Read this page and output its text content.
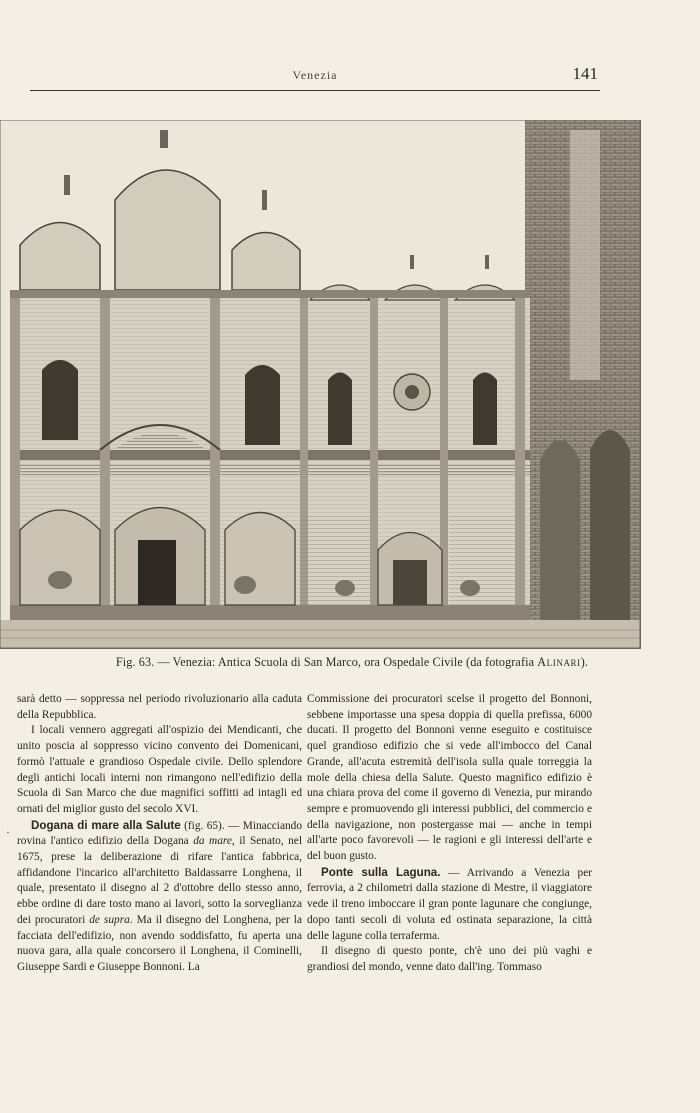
Venezia	141
Fig. 63. — Venezia: Antica Scuola di San Marco, ora Ospedale Civile (da fotografia Alinari).
·

sarà detto — soppressa nel periodo rivoluzionario alla caduta della Repubblica.

I locali vennero aggregati all'ospizio dei Mendicanti, che unito poscia al soppresso vicino convento dei Domenicani, formò l'attuale e grandioso Ospedale civile. Dello splendore degli antichi locali interni non rimangono nell'edifizio della Scuola di San Marco che due magnifici soffitti ad intagli ed ornati del miglior gusto del secolo XVI.

Dogana di mare alla Salute (fig. 65). — Minacciando rovina l'antico edifizio della Dogana da mare, il Senato, nel 1675, prese la deliberazione di rifare l'antica fabbrica, affidandone l'incarico all'architetto Baldassarre Longhena, il quale, presentato il disegno al 2 d'ottobre dello stesso anno, ebbe ordine di dare tosto mano ai lavori, sotto la sorveglianza dei procuratori de supra. Ma il disegno del Longhena, per la facciata dell'edifizio, non avendo soddisfatto, fu aperta una nuova gara, alla quale concorsero il Longhena, il Cominelli, Giuseppe Sardi e Giuseppe Bonnoni. La

Commissione dei procuratori scelse il progetto del Bonnoni, sebbene importasse una spesa doppia di quella prefissa, 6000 ducati. Il progetto del Bonnoni venne eseguito e costituisce quel grandioso edifizio che si vede all'imbocco del Canal Grande, all'acuta estremità dell'isola sulla quale torreggia la mole della chiesa della Salute. Questo magnifico edifizio è una chiara prova del come il governo di Venezia, pur mirando sempre e promuovendo gli interessi pubblici, del commercio e della navigazione, non postergasse mai — anche in tempi all'arte poco favorevoli — le ragioni e gli interessi dell'arte e del buon gusto.

Ponte sulla Laguna. — Arrivando a Venezia per ferrovia, a 2 chilometri dalla stazione di Mestre, il viaggiatore vede il treno imboccare il gran ponte lagunare che congiunge, dopo tanti secoli di voluta ed ostinata separazione, la città delle lagune colla terraferma.

Il disegno di questo ponte, ch'è uno dei più vaghi e grandiosi del mondo, venne dato dall'ing. Tommaso
